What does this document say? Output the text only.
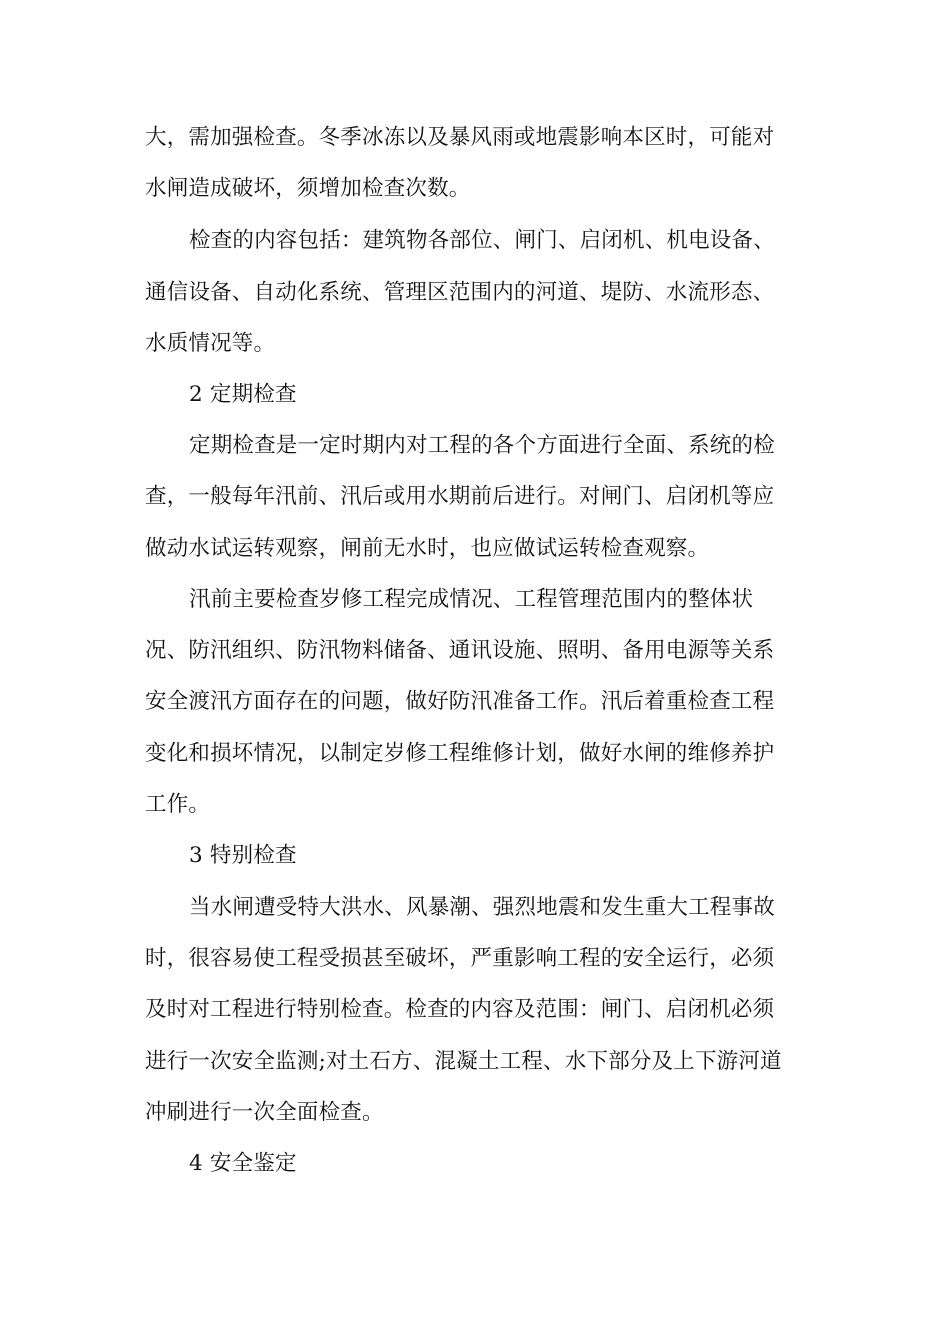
大，需加强检查。冬季冰冻以及暴风雨或地震影响本区时，可能对
水闸造成破坏，须增加检查次数。
检查的内容包括：建筑物各部位、闸门、启闭机、机电设备、
通信设备、自动化系统、管理区范围内的河道、堤防、水流形态、
水质情况等。
2 定期检查
定期检查是一定时期内对工程的各个方面进行全面、系统的检
查，一般每年汛前、汛后或用水期前后进行。对闸门、启闭机等应
做动水试运转观察，闸前无水时，也应做试运转检查观察。
汛前主要检查岁修工程完成情况、工程管理范围内的整体状
况、防汛组织、防汛物料储备、通讯设施、照明、备用电源等关系
安全渡汛方面存在的问题，做好防汛准备工作。汛后着重检查工程
变化和损坏情况，以制定岁修工程维修计划，做好水闸的维修养护
工作。
3 特别检查
当水闸遭受特大洪水、风暴潮、强烈地震和发生重大工程事故
时，很容易使工程受损甚至破坏，严重影响工程的安全运行，必须
及时对工程进行特别检查。检查的内容及范围：闸门、启闭机必须
进行一次安全监测;对土石方、混凝土工程、水下部分及上下游河道
冲刷进行一次全面检查。
4 安全鉴定
